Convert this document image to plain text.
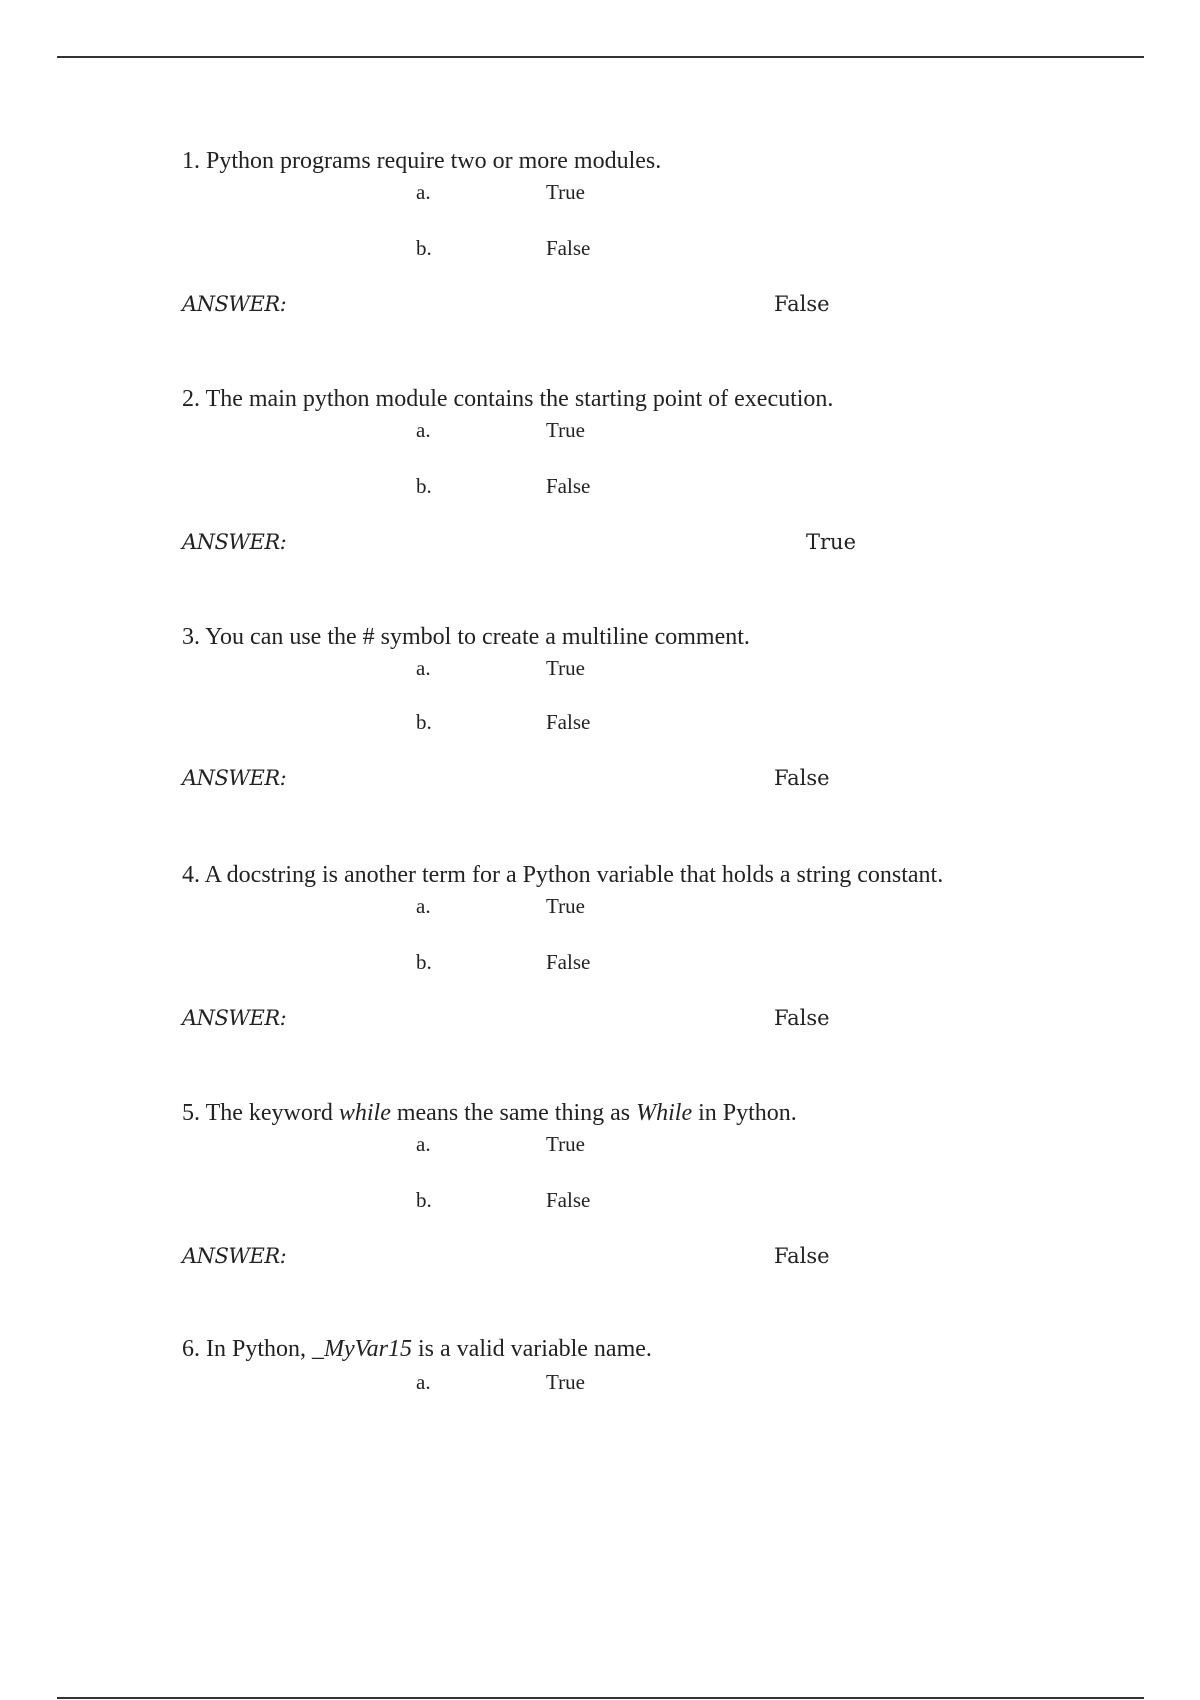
1. Python programs require two or more modules.
a.	True
b.	False
ANSWER:	False
2. The main python module contains the starting point of execution.
a.	True
b.	False
ANSWER:	True
3. You can use the # symbol to create a multiline comment.
a.	True
b.	False
ANSWER:	False
4. A docstring is another term for a Python variable that holds a string constant.
a.	True
b.	False
ANSWER:	False
5. The keyword while means the same thing as While in Python.
a.	True
b.	False
ANSWER:	False
6. In Python, _MyVar15 is a valid variable name.
a.	True
